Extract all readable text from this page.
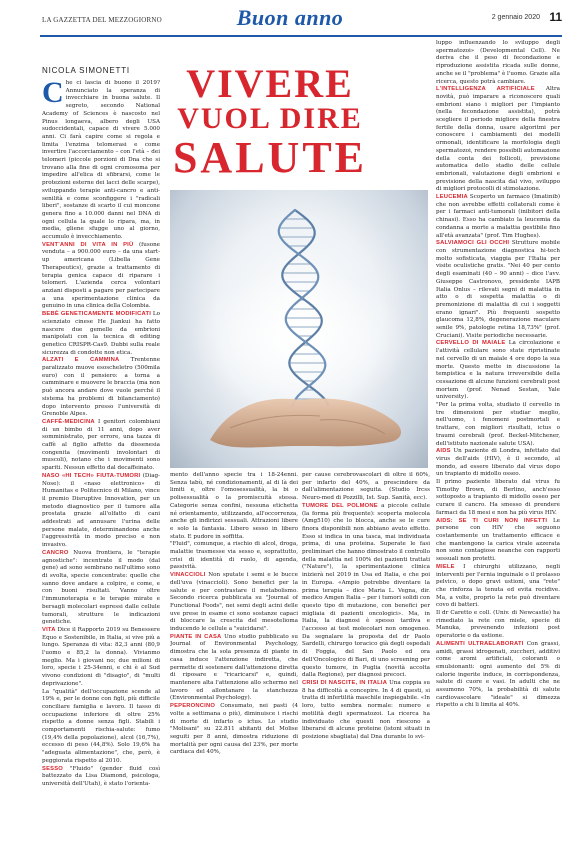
LA GAZZETTA DEL MEZZOGIORNO	Buon anno	2 gennaio 2020 11
NICOLA SIMONETTI	VIVERE
VUOL DIRE
SALUTE

Che ci lascia di buono il 2019? Annunciato la speranza di invecchiare in buona salute. Il segreto, secondo National Academy of Sciences è nascosto nel Pinus longaeva, albero degli USA sudoccidentali, capace di vivere 5.000 anni. Ci farà capire come si regola e limita l'enzima telomerasi e come invertire l'accorciamento – con l'età – dei telomeri (piccole porzioni di Dna che si trovano alla fine di ogni cromosoma per impedire all'elica di sfibrarsi, come le protezioni esterne dei lacci delle scarpe), sviluppando terapie anti-cancro e anti-senilità e come sconfiggere i "radicali liberi", sostanze di scarto il cui moncone genera fino a 10.000 danni nel DNA di ogni cellula la quale lo ripara, ma, in media, gliene sfugge uno al giorno, accumulo è invecchiamento.

VENT'ANNI DI VITA IN PIÙ (fusone venduta – a 900.000 euro – da una start-up americana (Libella Gene Therapeutics), grazie a trattamento di terapia genica capace di riparare i telomeri. L'azienda cerca volontari anziani disposti a pagare per partecipare a una sperimentazione clinica da genuino in una clinica della Colombia.

BEBÈ GENETICAMENTE MODIFICATI Lo scienziato cinese He Jiankui ha fatto nascere due gemelle da embrioni manipolati con la tecnica di editing genetico CRISPR-Cas9. Dubbi sulla reale sicurezza di condotte non etica.

ALZATI E CAMMINA Trentenne paralizzato muove esoscheletro (500mila euro) con il pensiero: a torna a camminare e muovere le braccia (ma non può ancora andare dove vuole perché il sistema ha problemi di bilanciamento) dopo intervento presso l'università di Grenoble Alpes.

CAFFÈ-MEDICINA I genitori colombiani di un bimbo di 11 anni, dopo aver somministrato, per errore, una tazza di caffè al figlio affetto da dissenesia congenita (movimenti involontari di muscoli), notano che i movimenti sono spariti. Nessun effetto dal decaffeinato.

NASO «HI TECH» FIUTA-TUMORI (Diag-Nose): il «naso elettronico» di Humanitas e Politecnico di Milano, vince il premio Disruptive Innovation, per un metodo diagnostico per il tumore alla prostata grazie all'olfatto di cani addestrati ad annusare l'urina delle persone malate, determinandone anche l'aggressività in modo preciso e non invasivo.

CANCRO Nuova frontiera, le "terapie agnostiche": incentrate il modo (dal gene) ad sono sembrano nell'ultimo sono di svolta, specie concentrate: quelle che sanno dove andare a colpire, e come, e con buoni risultati. Vanno oltre l'immunoterapia e le terapie mirate e bersagli molecolari espressi dalle cellule tumorali, strutture le indicazioni genetiche.

VITA Dice il Rapporto 2019 su Benessere Equo e Sostenibile, in Italia, si vive più a lungo. Speranza di vita: 82,3 anni (80,9 l'uomo e 85,2 la donna). Vivianmo meglio. Ma i giovani no; due milioni di loro, specie i 25-34enni, e chi è al Sud vivono condizioni di "disagio", di "multi deprivazione".

La "qualità" dell'occupazione scende al 19% e, per le donne con figli, più difficile conciliare famiglia e lavoro. Il tasso di occupazione inferiore di oltre 25% rispetto a donne senza figli. Stabili i comportamenti rischia-salute: fumo (19,4% della popolazione), alcol (16,7%), eccesso di peso (44,8%). Solo 19,6% ha "adeguata alimentazione", che, però, è peggiorata rispetto al 2010.

SESSO "Fluido" (gender fluid così battezzato da Lisa Diamond, psicologa, università dell'Utah), è stato l'orienta-

mento dell'anno specie tra i 18-24enni. Senza tabù, né condizionamenti, al di là dei limiti e, oltre l'omosessualità, la bi o polisessualità o la promiscuità stessa. Categorie senza confini, nessuna etichetta né orientamento, utilizzando, all'occorrenza, anche gli indirizzi sessuali. Attrazioni libere e solo la fantasia. Libero sesso in libero stato. E pudore in soffitta.

"Fluid", comunque, a rischio di alcol, droga, malattie trasmesse via sesso e, soprattutto, crisi di identità di ruolo, di agenda, passività.

VINACCIOLI Non sputate i semi e le bucce dell'uva (vinaccioli). Sono benefici per la salute e per contrastare il metabolismo. Secondo ricerca pubblicata su "Journal of Functional Foods", nei semi degli acini delle uve prese in esame ci sono sostanze capaci di bloccare la crescita del mesotelioma inducendo le cellule a "suicidarsi".

PIANTE IN CASA Uno studio pubblicato su Journal of Environmental Psychology, dimostra che la sola presenza di piante in casa induce l'attenzione indiretta, che permette di sostenere dall'attenzione diretta di riposare e "ricaricarsi" e, quindi, mantenere alta l'attenzione allo schermo nel lavoro ed allontanare la stanchezza (Environmental Psychology).

PEPERONCINO Consumato, nei pasti (4 volte a settimana o più), diminuisce i rischi di morte di infarto o ictus. Lo studio "Molisani" su 22.811 abitanti del Molise seguiti per 8 anni, dimostra riduzione di mortalità per ogni causa del 23%, per morte cardiaca del 40%,

per cause cerebrovascolari di oltre il 60%, per infarto del 40%, a prescindere da dall'alimentazione seguita. (Studio Ircss Neuro-med di Pozzilli, Ist. Sup. Sanità, ecc).

TUMORE DEL POLMONE a piccole cellule (la forma più frequente): scoperta molecola (Amg510) che lo blocca, anche se le cure finora disponibili non abbiano avuto effetto. Esso si indica in una tasca, mai individuata prima, di una proteina. Superate le fasi preliminari che hanno dimostrato il controllo della malattia nel 100% dei pazienti trattati ("Nature"), la sperimentazione clinica inizierà nel 2019 in Usa ed Italia, e che poi in Europa. «Ampio potrebbe diventare la prima terapia – dice Maria L. Vegna, dir. medico Amgen Italia – per i tumori solidi con questo tipo di mutazione, con benefici per migliaia di pazienti oncologici». Ma, in Italia, la diagnosi è spesso tardiva e l'accesso ai test molecolari non omogeneo. Da segnalare la proposta del dr Paolo Sardelli, chirurgo toracico già degli ospedali di Foggia, del San Paolo ed ora dell'Oncologico di Bari, di uno screening per questo tumore, in Puglia (novità accolta dalla Regione), per diagnosi precoci.

CRISI DI NASCITE, IN ITALIA Una coppia su 8 ha difficoltà a concepire. In 4 di questi, si tratta di infertilità maschile inspiegabile. «In loro, tutto sembra normale: numero e motilità degli spermatozoi. La ricerca ha individuato che questi non riescono a liberarsi di alcune proteine (istoni situati in posizione sbagliata) dal Dna durante lo svi-

luppo influenzando lo sviluppo degli spermatozoi» (Developmental Cell). Ne deriva che il peso di fecondazione e riproduzione assistita ricada sulle donne, anche se il "problema" è l'uomo. Grazie alla ricerca, questo potrà cambiare.

L'INTELLIGENZA ARTIFICIALE Altra novità, può imparare a riconoscere quali embrioni siano i migliori per l'impianto (nella fecondazione assistita), potrà scegliere il periodo migliore della finestra fertile della donna, usare algoritmi per conoscere i cambiamenti dei modelli ormonali, identificare la morfologia degli spermatozoi, rendere possibili automazione della conta dei follicoli, previsione automatica dello stadio delle cellule embrionali, valutazione degli embrioni e previsione della nascita dal vivo, sviluppo di migliori protocolli di stimolazione.

LEUCEMIA Scoperto un farmaco (Imatinib) che non avrebbe effetti collaterali come è per i farmaci anti-tumorali (inibitori della chinasi). Esso ha cambiato la leucemia da condanna a morte a malattia gestibile fino all'età avanzata" (prof. Tim Hughes).

SALVIAMOCI GLI OCCHI Strutture mobile con strumentazione diagnostica hi-tech molto sofisticata, viaggia per l'Italia per visite oculistiche gratis. "Nei 40 per cento degli esaminati (40 – 90 anni) – dice l'avv. Giuseppe Castronovo, presidente IAPB Italia Onlus – rilevati segni di malattia in atto o di sospetta malattia o di premonizione di malattia di cui i soggetti erano ignari". Più frequenti sospetto glaucoma 12,8%, degenerazione maculare senile 9%, patologie retina 18,73%" (prof. Cruciani). Visite periodiche necessarie.

CERVELLO DI MAIALE La circolazione e l'attività cellulare sono state ripristinate nel cervello di un maiale 4 ore dopo la sua morte. Questo mette in discussione la tempistica e la natura irreversibile della cessazione di alcune funzioni cerebrali post mortem (prof. Nenad Sestan, Yale university).

"Per la prima volta, studiato il cervello in tre dimensioni per studiar meglio, nell'uomo, i fenomeni postmortali e trattare, con migliori risultati, ictus o traumi cerebrali (prof. Beckel-Mitchener, dell'istituto nazionale salute USA).

AIDS Un paziente di Londra, infettato dal virus dell'aids (HIV), è il secondo, al mondo, ad essere liberato dal virus dopo un trapianto di midollo osseo.

Il primo paziente liberato dal virus fu Timothy Brown, di Berlino, anch'esso sottoposto a trapianto di midollo osseo per curare il cancro. Ha smesso di prendere farmaci da 18 mesi e non ha più virus HIV.

AIDS: SE TI CURI NON INFETTI Le persone con HIV che seguono costantemente un trattamento efficace e che mantengono la carica virale azzerata non sono contagiose neanche con rapporti sessuali non protetti.

MIELE I chirurghi utilizzano, negli interventi per l'ernia inguinale o il prolasso pelvico, o dopo gravi ustioni, una "rete" che rinforza la tenuta ed evita recidive. Ma, a volte, proprio la rete può diventare covo di batteri.

Il dr Caretto e coll. (Univ. di Newcastle) ha rimediato la rete con miele, specie di Manuka, prevenendo infezioni post operatorie o da ustione.

ALIMENTI ULTRAELABORATI Con grassi, amidi, grassi idrogenati, zuccheri, additivi come aromi artificiali, coloranti o emulsionanti: ogni aumento del 5% di calorie ingerite induce, in corrispondenza, salute di cuore e vasi. In adulti che ne assumono 70%, la probabilità di salute cardiovascolare "ideale" si dimezza rispetto a chi li limita al 40%.
